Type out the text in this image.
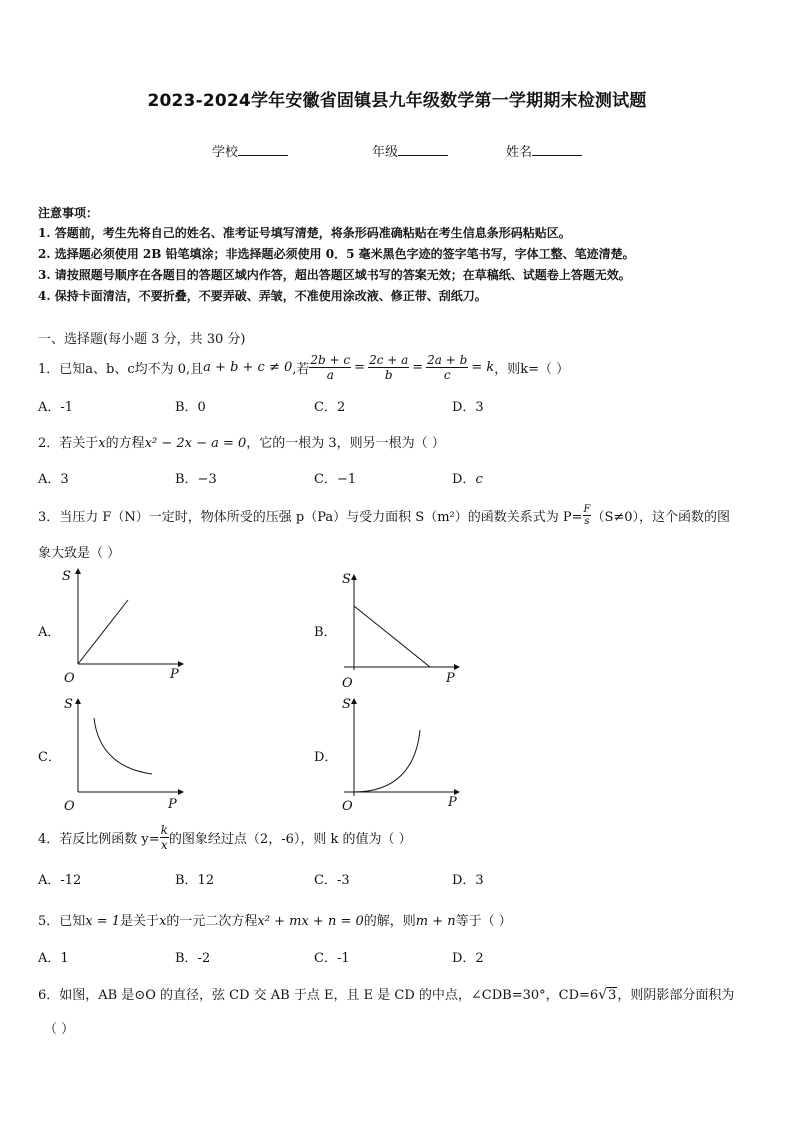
2023-2024学年安徽省固镇县九年级数学第一学期期末检测试题
学校	年级	姓名
注意事项：
1. 答题前，考生先将自己的姓名、准考证号填写清楚，将条形码准确粘贴在考生信息条形码粘贴区。
2. 选择题必须使用 2B 铅笔填涂；非选择题必须使用 0．5 毫米黑色字迹的签字笔书写，字体工整、笔迹清楚。
3. 请按照题号顺序在各题目的答题区域内作答，超出答题区域书写的答案无效；在草稿纸、试题卷上答题无效。
4. 保持卡面清洁，不要折叠，不要弄破、弄皱，不准使用涂改液、修正带、刮纸刀。
一、选择题(每小题 3 分，共 30 分)
1．已知a、b、c均不为 0,且 a + b + c ≠ 0 ,若 $\frac{2b + c}{a} = \frac{2c + a}{b} = \frac{2a + b}{c} = k$ ，则k=（ ）
A．-1	B．0	C．2	D．3
2．若关于x的方程x² − 2x − a = 0，它的一根为 3，则另一根为（ ）
A．3	B．−3	C．−1	D．c
3．当压力 F（N）一定时，物体所受的压强 p（Pa）与受力面积 S（m²）的函数关系式为 $P= \frac{F}{s} (S\ne 0)$，这个函数的图
象大致是（ ）
A．	B．
C．	D．
S
P
O
S
P
O
S
P
O
S
P
O
4．若反比例函数 $y= \frac{k}{x}$ 的图象经过点（2，-6），则 k 的值为（ ）
A．-12	B．12	C．-3	D．3
5．已知x = 1是关于x的一元二次方程x² + mx + n = 0的解，则m + n等于（ ）
A．1	B．-2	C．-1	D．2
6．如图，AB 是⊙O 的直径，弦 CD 交 AB 于点 E，且 E 是 CD 的中点，∠CDB=30°，CD=6√3，则阴影部分面积为
（ ）
